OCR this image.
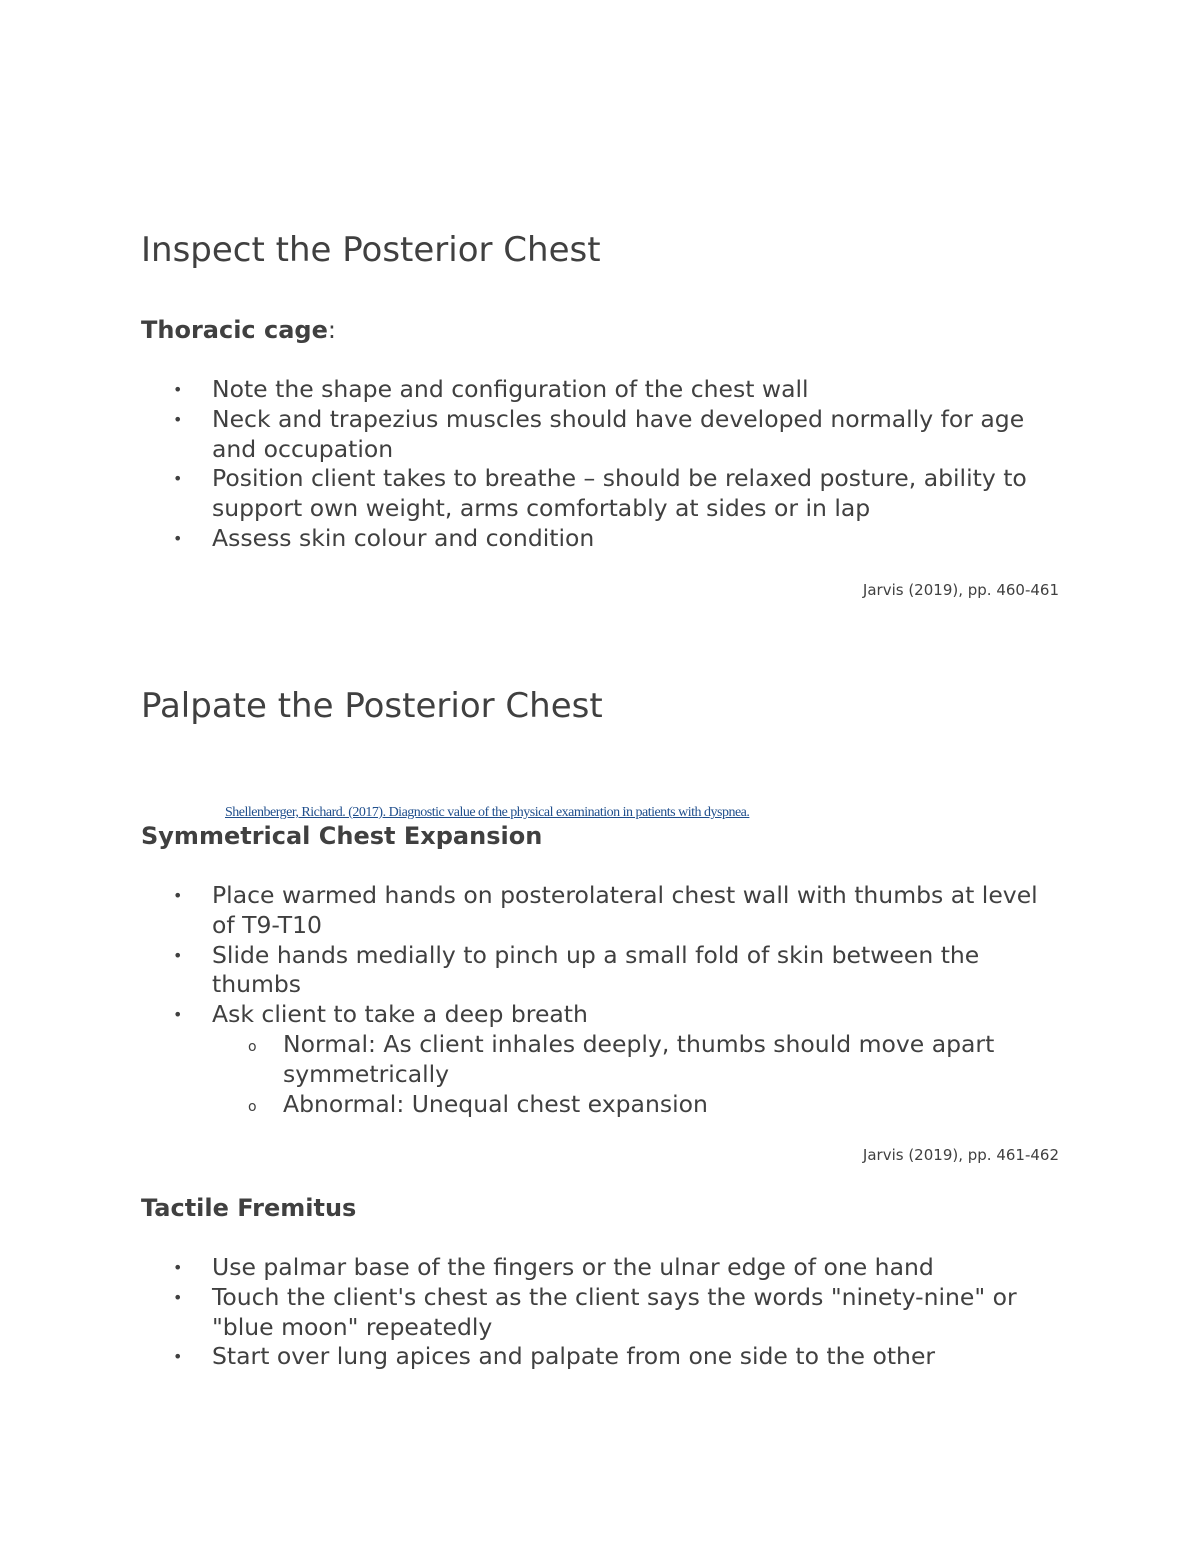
Inspect the Posterior Chest
Thoracic cage:
• Note the shape and configuration of the chest wall
• Neck and trapezius muscles should have developed normally for age and occupation
• Position client takes to breathe – should be relaxed posture, ability to support own weight, arms comfortably at sides or in lap
• Assess skin colour and condition

Jarvis (2019), pp. 460-461

Palpate the Posterior Chest
Shellenberger, Richard. (2017). Diagnostic value of the physical examination in patients with dyspnea.
Symmetrical Chest Expansion
• Place warmed hands on posterolateral chest wall with thumbs at level of T9-T10
• Slide hands medially to pinch up a small fold of skin between the thumbs
• Ask client to take a deep breath
o Normal: As client inhales deeply, thumbs should move apart symmetrically
o Abnormal: Unequal chest expansion

Jarvis (2019), pp. 461-462

Tactile Fremitus
• Use palmar base of the fingers or the ulnar edge of one hand
• Touch the client's chest as the client says the words "ninety-nine" or "blue moon" repeatedly
• Start over lung apices and palpate from one side to the other
